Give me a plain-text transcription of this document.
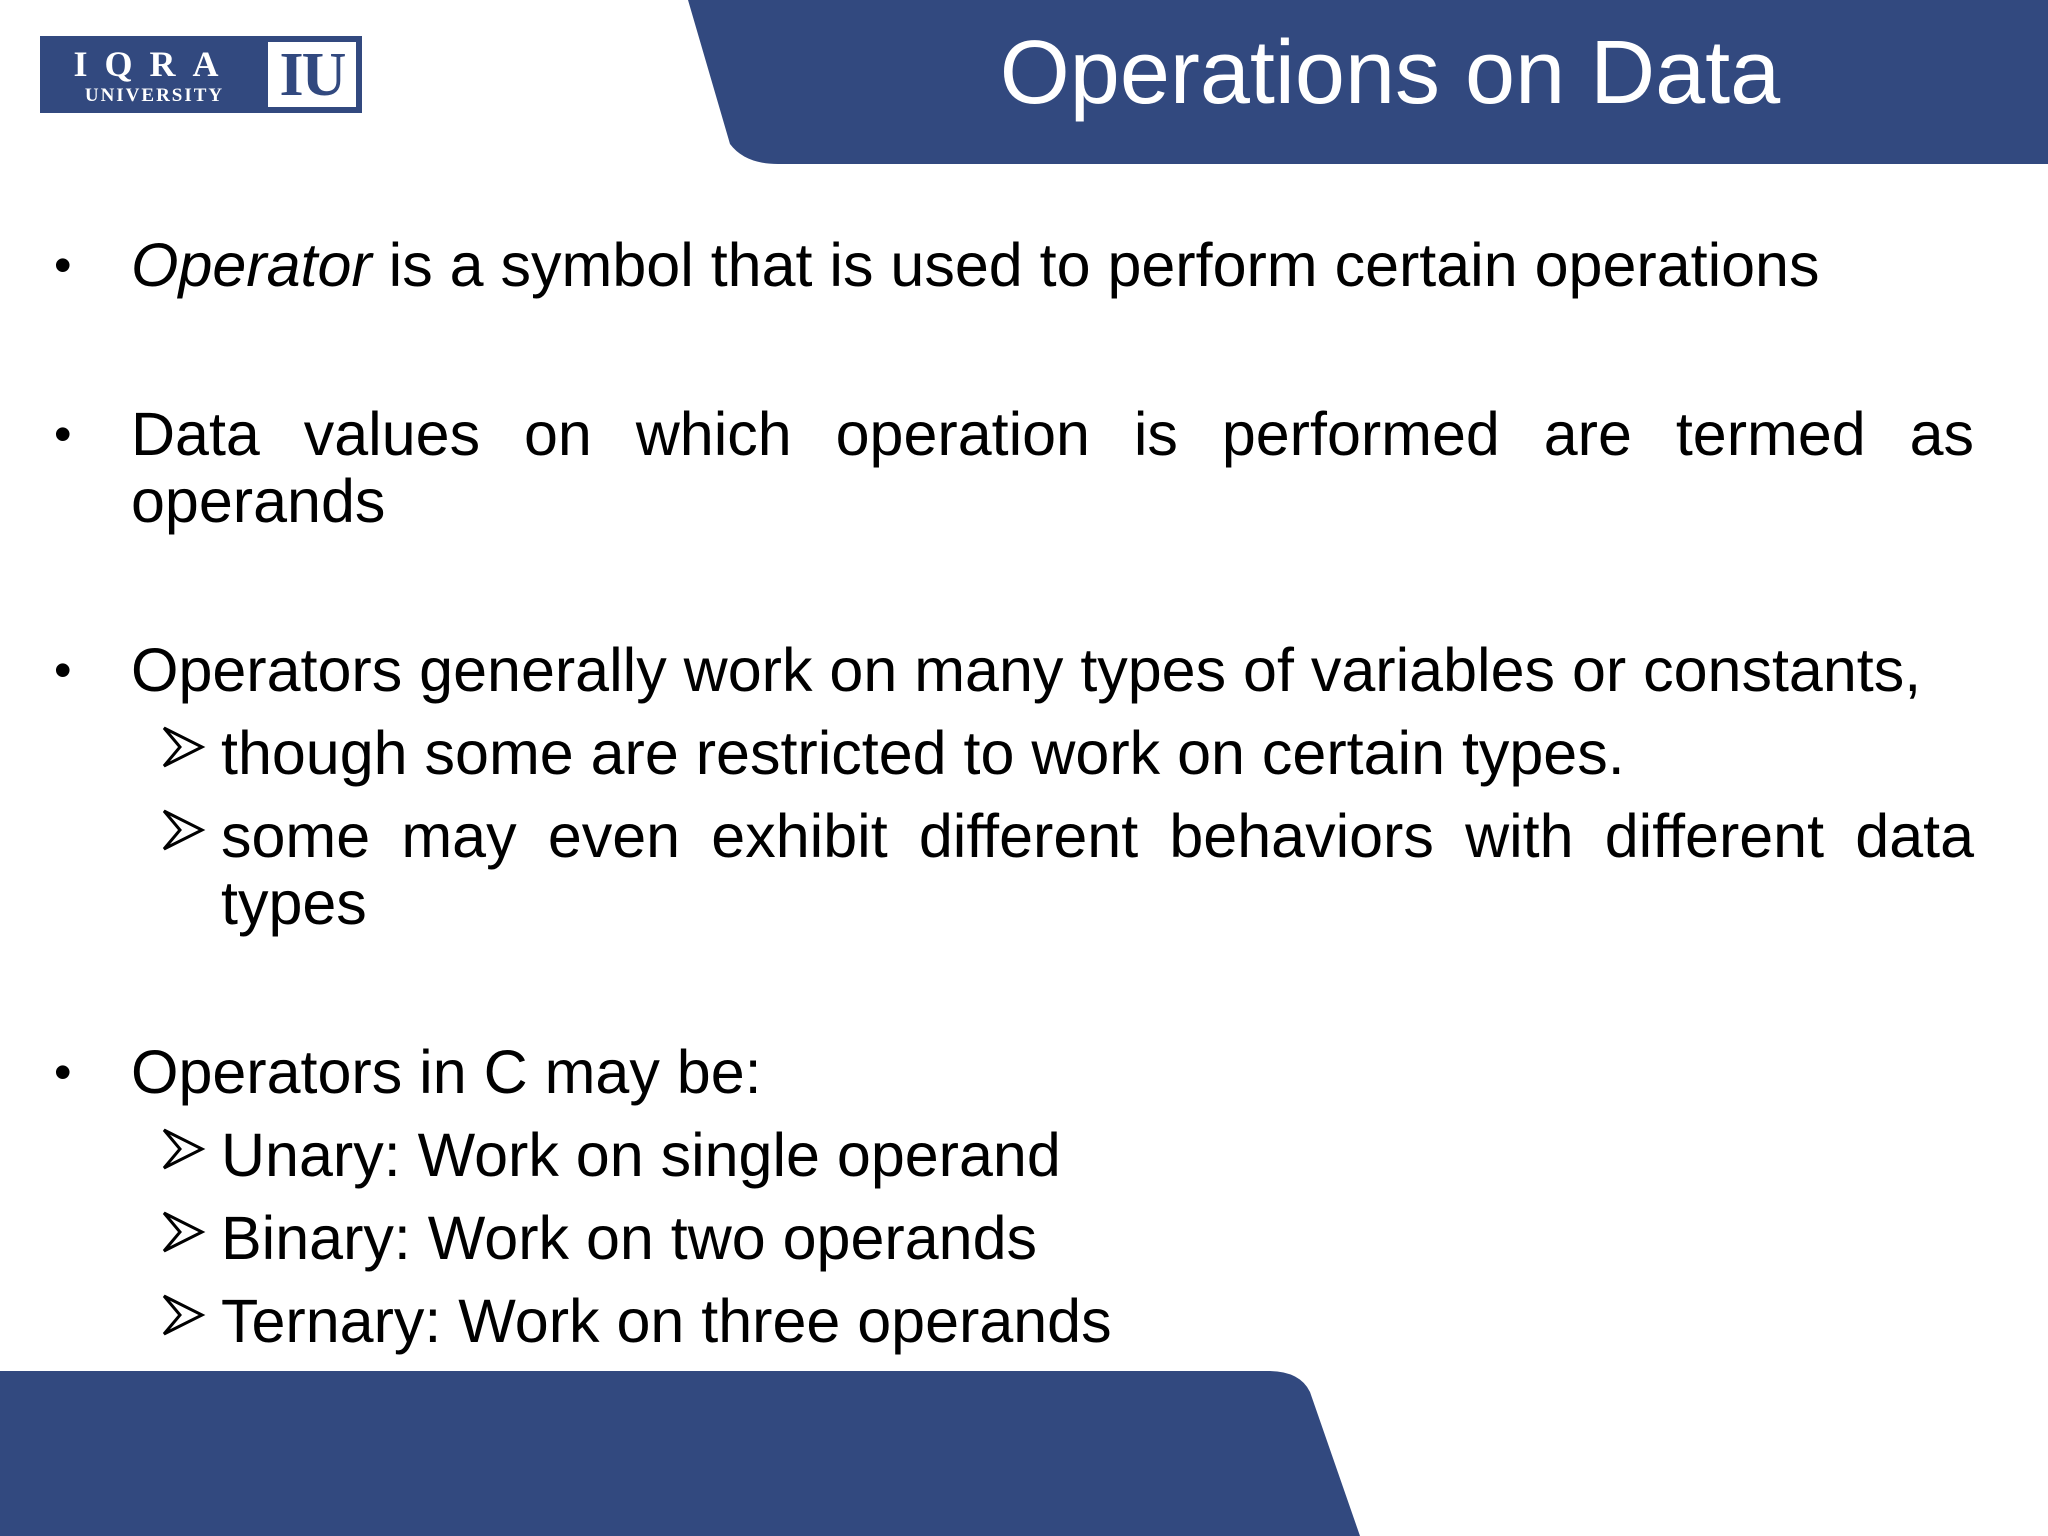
IQRA
UNIVERSITY IU	Operations on Data
• Operator is a symbol that is used to perform certain operations

• Data values on which operation is performed are termed as operands

• Operators generally work on many types of variables or constants,

though some are restricted to work on certain types.

some may even exhibit different behaviors with different data types

• Operators in C may be:

Unary: Work on single operand

Binary: Work on two operands

Ternary: Work on three operands
